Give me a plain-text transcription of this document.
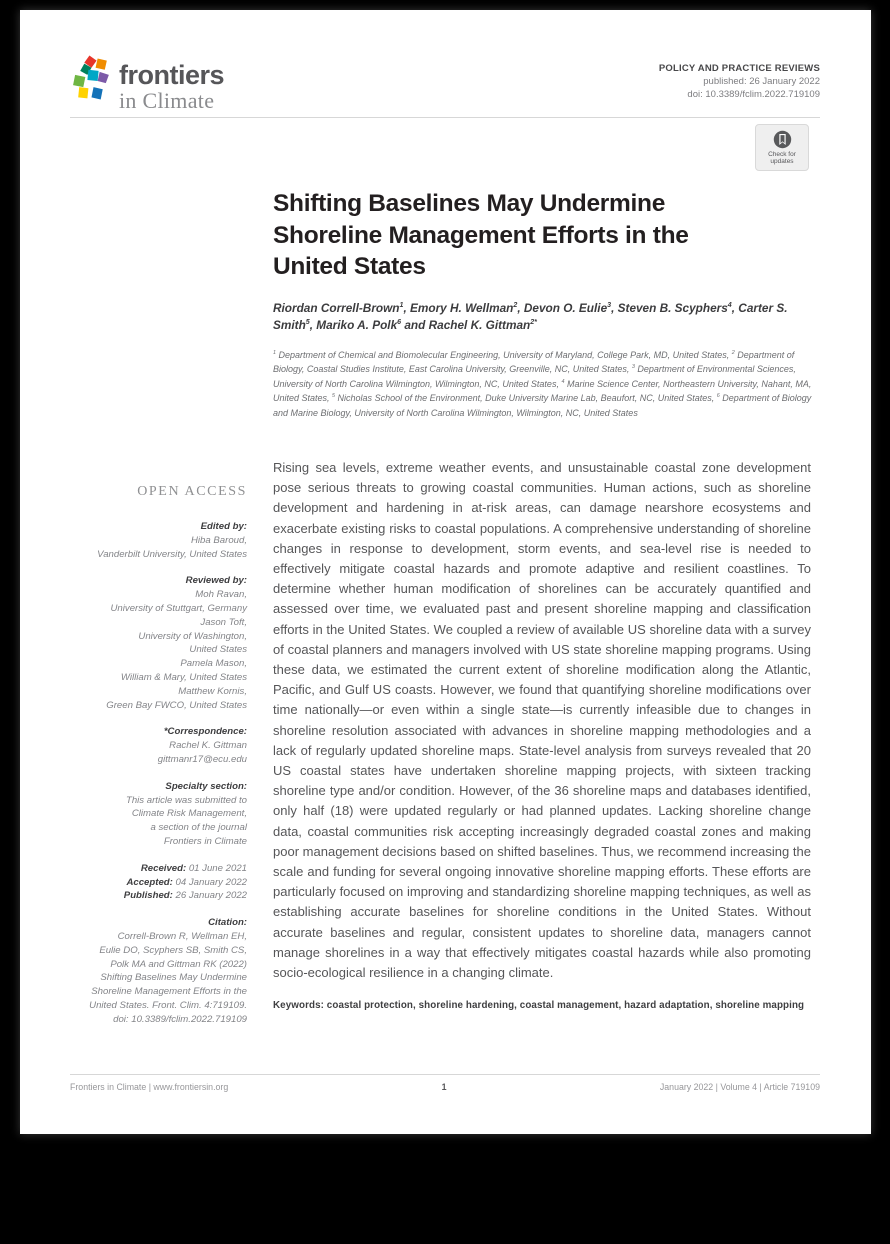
frontiers
in Climate
POLICY AND PRACTICE REVIEWS
published: 26 January 2022
doi: 10.3389/fclim.2022.719109
Check for
updates
Shifting Baselines May Undermine
Shoreline Management Efforts in the
United States

Riordan Correll-Brown$^1$, Emory H. Wellman$^2$, Devon O. Eulie$^3$, Steven B. Scyphers$^4$, Carter S. Smith$^5$, Mariko A. Polk$^6$ and Rachel K. Gittman$^{2*}$

$^1$ Department of Chemical and Biomolecular Engineering, University of Maryland, College Park, MD, United States, $^2$ Department of Biology, Coastal Studies Institute, East Carolina University, Greenville, NC, United States, $^3$ Department of Environmental Sciences, University of North Carolina Wilmington, Wilmington, NC, United States, $^4$ Marine Science Center, Northeastern University, Nahant, MA, United States, $^5$ Nicholas School of the Environment, Duke University Marine Lab, Beaufort, NC, United States, $^6$ Department of Biology and Marine Biology, University of North Carolina Wilmington, Wilmington, NC, United States

OPEN ACCESS
Edited by:
Hiba Baroud,
Vanderbilt University, United States
Reviewed by:
Moh Ravan,
University of Stuttgart, Germany
Jason Toft,
University of Washington,
United States
Pamela Mason,
William & Mary, United States
Matthew Kornis,
Green Bay FWCO, United States
*Correspondence:
Rachel K. Gittman
gittmanr17@ecu.edu
Specialty section:
This article was submitted to
Climate Risk Management,
a section of the journal
Frontiers in Climate
Received: 01 June 2021
Accepted: 04 January 2022
Published: 26 January 2022
Citation:
Correll-Brown R, Wellman EH,
Eulie DO, Scyphers SB, Smith CS,
Polk MA and Gittman RK (2022)
Shifting Baselines May Undermine
Shoreline Management Efforts in the
United States. Front. Clim. 4:719109.
doi: 10.3389/fclim.2022.719109

Rising sea levels, extreme weather events, and unsustainable coastal zone development pose serious threats to growing coastal communities. Human actions, such as shoreline development and hardening in at-risk areas, can damage nearshore ecosystems and exacerbate existing risks to coastal populations. A comprehensive understanding of shoreline changes in response to development, storm events, and sea-level rise is needed to effectively mitigate coastal hazards and promote adaptive and resilient coastlines. To determine whether human modification of shorelines can be accurately quantified and assessed over time, we evaluated past and present shoreline mapping and classification efforts in the United States. We coupled a review of available US shoreline data with a survey of coastal planners and managers involved with US state shoreline mapping programs. Using these data, we estimated the current extent of shoreline modification along the Atlantic, Pacific, and Gulf US coasts. However, we found that quantifying shoreline modifications over time nationally—or even within a single state—is currently infeasible due to changes in shoreline resolution associated with advances in shoreline mapping methodologies and a lack of regularly updated shoreline maps. State-level analysis from surveys revealed that 20 US coastal states have undertaken shoreline mapping projects, with sixteen tracking shoreline type and/or condition. However, of the 36 shoreline maps and databases identified, only half (18) were updated regularly or had planned updates. Lacking shoreline change data, coastal communities risk accepting increasingly degraded coastal zones and making poor management decisions based on shifted baselines. Thus, we recommend increasing the scale and funding for several ongoing innovative shoreline mapping efforts. These efforts are particularly focused on improving and standardizing shoreline mapping techniques, as well as establishing accurate baselines for shoreline conditions in the United States. Without accurate baselines and regular, consistent updates to shoreline data, managers cannot manage shorelines in a way that effectively mitigates coastal hazards while also promoting socio-ecological resilience in a changing climate.

Keywords: coastal protection, shoreline hardening, coastal management, hazard adaptation, shoreline mapping

Frontiers in Climate | www.frontiersin.org	1	January 2022 | Volume 4 | Article 719109
